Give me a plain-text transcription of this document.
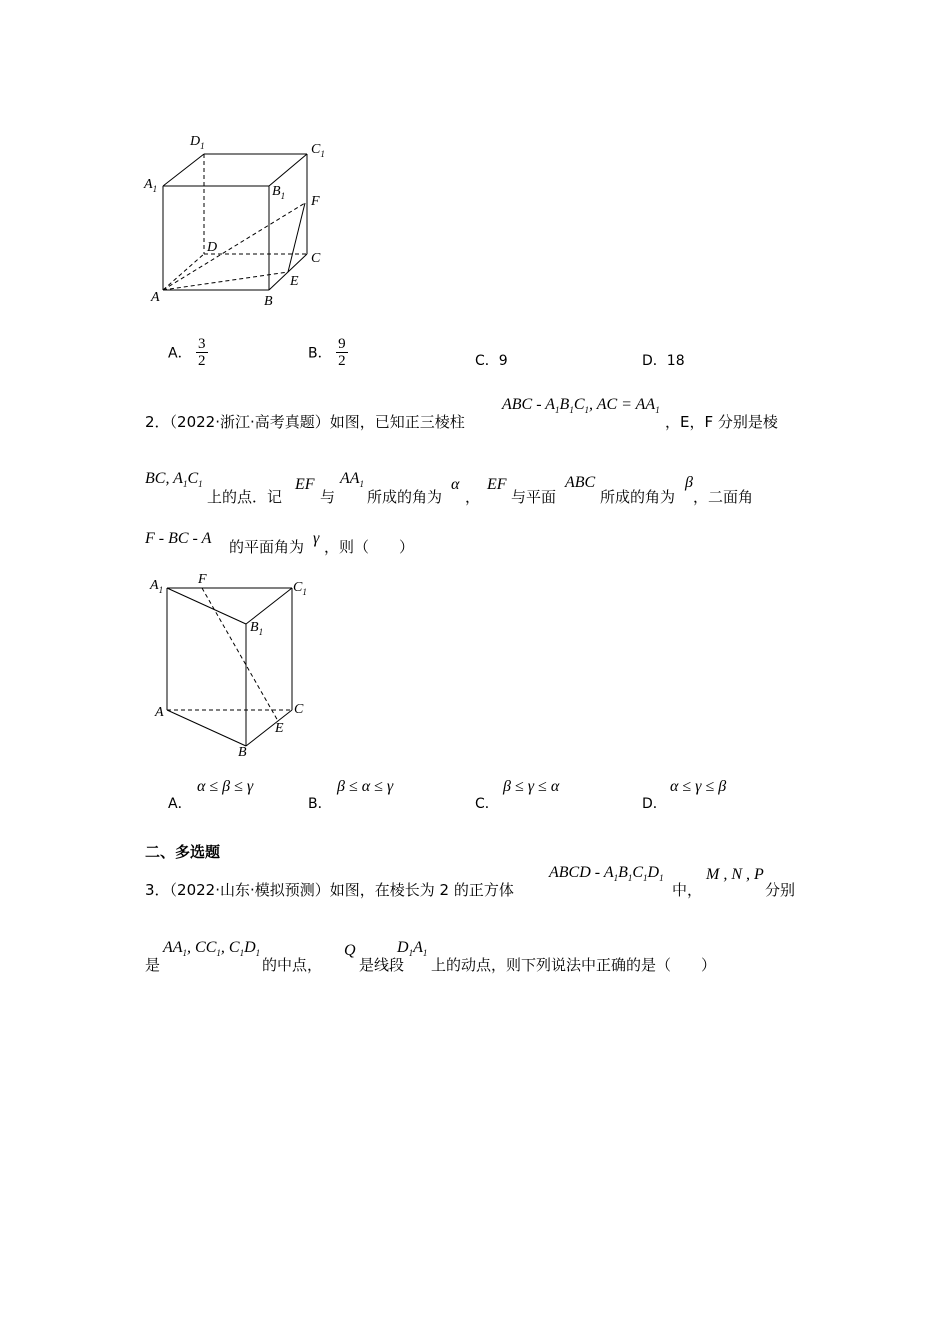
$D_1$	$C_1$
$A_1$	$B_1$ F
D
C
E
A	B
A． $\frac{3}{2}$	B． $\frac{9}{2}$	C．9	D．18
2．（2022·浙江·高考真题）如图，已知正三棱柱
ABC - $A_1B_1C_1$, AC = $AA_1$
，E，F 分别是棱
BC, $A_1C_1$
上的点．记
EF
与
$AA_1$
所成的角为
α
，
EF
与平面
ABC
所成的角为
β
，二面角
F - BC - A 的平面角为 γ ，则（　　）
$A_1$
F
$C_1$
$B_1$
A	C
E
B
A．
α ≤ β ≤ γ
B．
β ≤ α ≤ γ
C．
β ≤ γ ≤ α
D．
α ≤ γ ≤ β
二、多选题
3．（2022·山东·模拟预测）如图，在棱长为 2 的正方体
ABCD - $A_1B_1C_1D_1$
中，
M , N , P
分别
是
$AA_1$, $CC_1$, $C_1D_1$
的中点，
Q
是线段
$D_1A_1$
上的动点，则下列说法中正确的是（　　）
